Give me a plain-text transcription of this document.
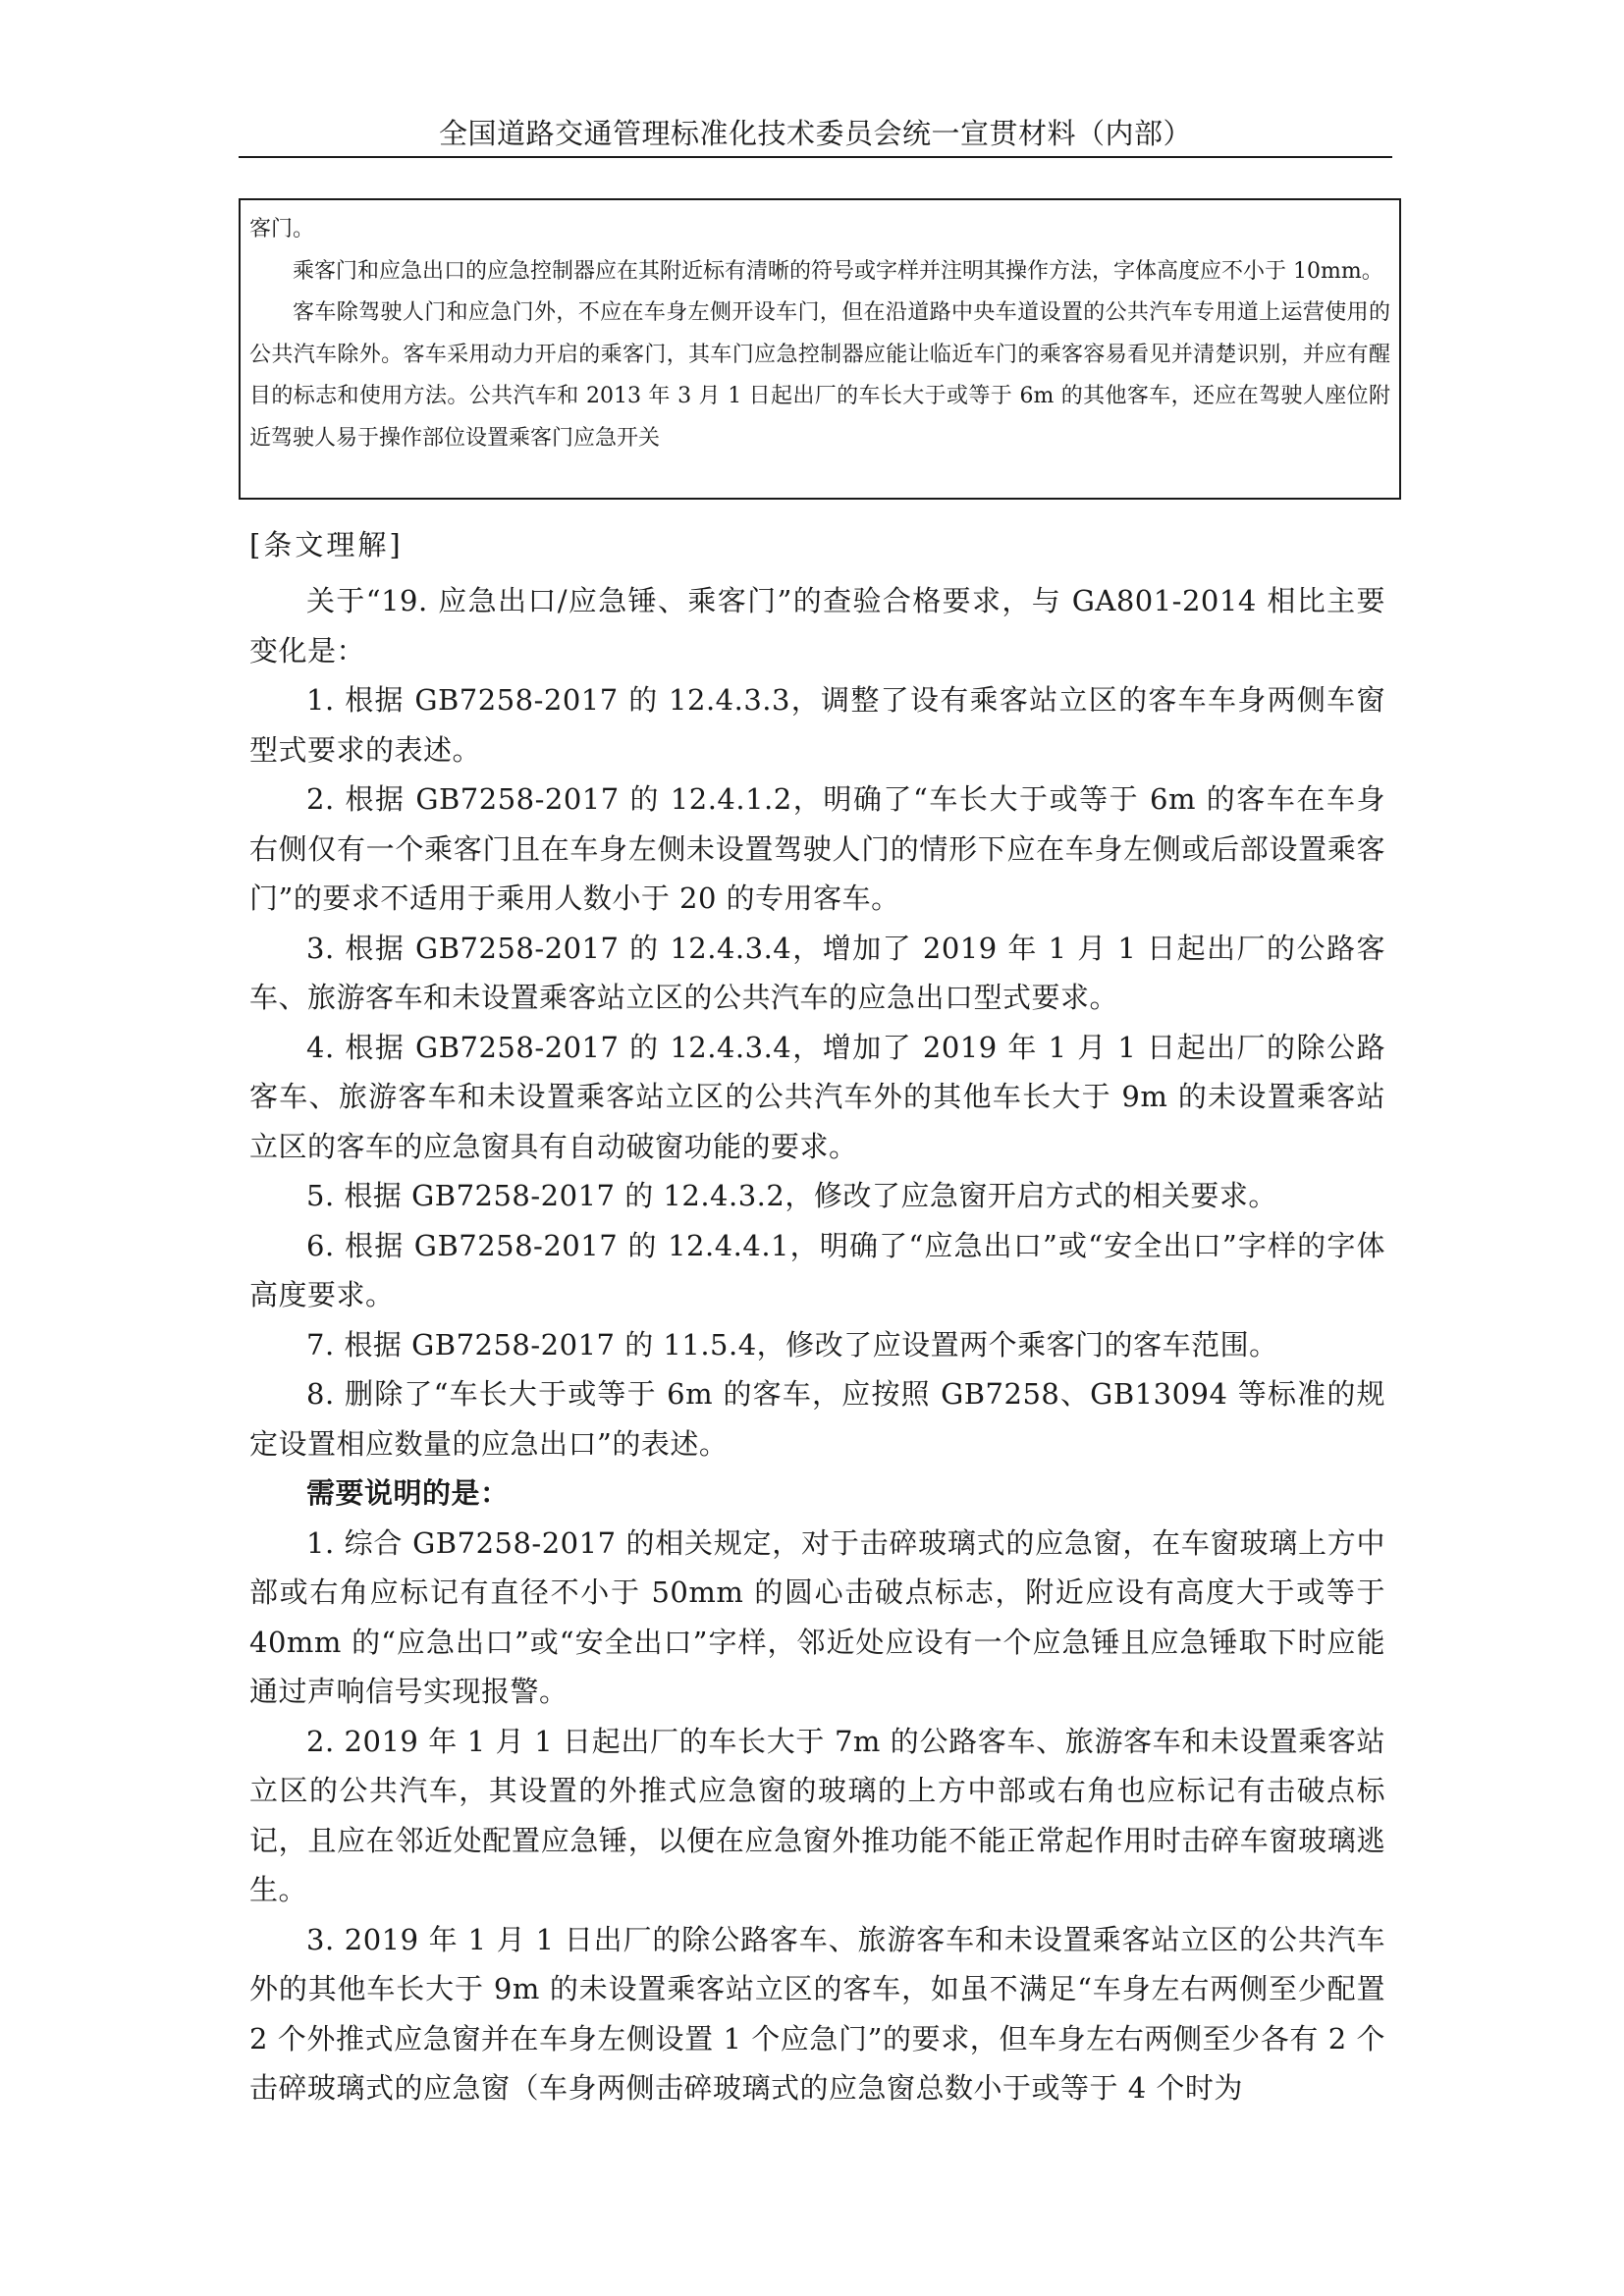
全国道路交通管理标准化技术委员会统一宣贯材料（内部）

客门。

乘客门和应急出口的应急控制器应在其附近标有清晰的符号或字样并注明其操作方法，字体高度应不小于 10mm。

客车除驾驶人门和应急门外，不应在车身左侧开设车门，但在沿道路中央车道设置的公共汽车专用道上运营使用的公共汽车除外。客车采用动力开启的乘客门，其车门应急控制器应能让临近车门的乘客容易看见并清楚识别，并应有醒目的标志和使用方法。公共汽车和 2013 年 3 月 1 日起出厂的车长大于或等于 6m 的其他客车，还应在驾驶人座位附近驾驶人易于操作部位设置乘客门应急开关

[条文理解]

关于“19. 应急出口/应急锤、乘客门”的查验合格要求，与 GA801-2014 相比主要变化是：

1. 根据 GB7258-2017 的 12.4.3.3，调整了设有乘客站立区的客车车身两侧车窗型式要求的表述。

2. 根据 GB7258-2017 的 12.4.1.2，明确了“车长大于或等于 6m 的客车在车身右侧仅有一个乘客门且在车身左侧未设置驾驶人门的情形下应在车身左侧或后部设置乘客门”的要求不适用于乘用人数小于 20 的专用客车。

3. 根据 GB7258-2017 的 12.4.3.4，增加了 2019 年 1 月 1 日起出厂的公路客车、旅游客车和未设置乘客站立区的公共汽车的应急出口型式要求。

4. 根据 GB7258-2017 的 12.4.3.4，增加了 2019 年 1 月 1 日起出厂的除公路客车、旅游客车和未设置乘客站立区的公共汽车外的其他车长大于 9m 的未设置乘客站立区的客车的应急窗具有自动破窗功能的要求。

5. 根据 GB7258-2017 的 12.4.3.2，修改了应急窗开启方式的相关要求。

6. 根据 GB7258-2017 的 12.4.4.1，明确了“应急出口”或“安全出口”字样的字体高度要求。

7. 根据 GB7258-2017 的 11.5.4，修改了应设置两个乘客门的客车范围。

8. 删除了“车长大于或等于 6m 的客车，应按照 GB7258、GB13094 等标准的规定设置相应数量的应急出口”的表述。

需要说明的是：

1. 综合 GB7258-2017 的相关规定，对于击碎玻璃式的应急窗，在车窗玻璃上方中部或右角应标记有直径不小于 50mm 的圆心击破点标志，附近应设有高度大于或等于 40mm 的“应急出口”或“安全出口”字样，邻近处应设有一个应急锤且应急锤取下时应能通过声响信号实现报警。

2. 2019 年 1 月 1 日起出厂的车长大于 7m 的公路客车、旅游客车和未设置乘客站立区的公共汽车，其设置的外推式应急窗的玻璃的上方中部或右角也应标记有击破点标记，且应在邻近处配置应急锤，以便在应急窗外推功能不能正常起作用时击碎车窗玻璃逃生。

3. 2019 年 1 月 1 日出厂的除公路客车、旅游客车和未设置乘客站立区的公共汽车外的其他车长大于 9m 的未设置乘客站立区的客车，如虽不满足“车身左右两侧至少配置 2 个外推式应急窗并在车身左侧设置 1 个应急门”的要求，但车身左右两侧至少各有 2 个击碎玻璃式的应急窗（车身两侧击碎玻璃式的应急窗总数小于或等于 4 个时为
